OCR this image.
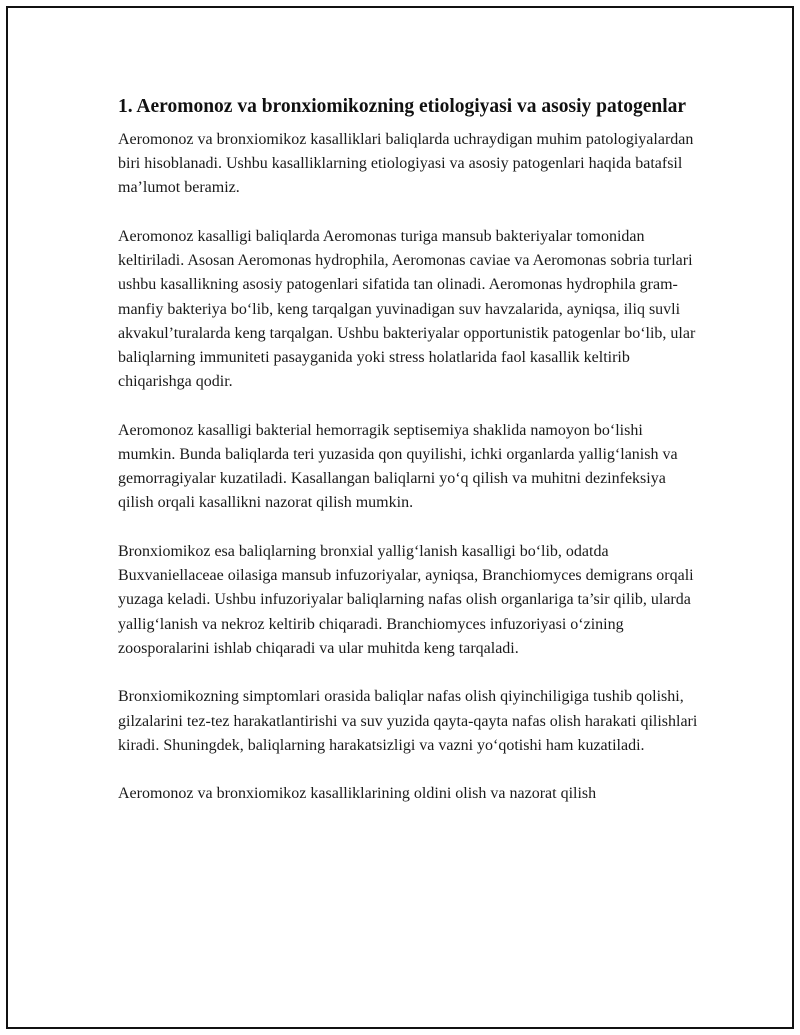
1. Aeromonoz va bronxiomikozning etiologiyasi va asosiy patogenlar

Aeromonoz va bronxiomikoz kasalliklari baliqlarda uchraydigan muhim patologiyalardan biri hisoblanadi. Ushbu kasalliklarning etiologiyasi va asosiy patogenlari haqida batafsil ma’lumot beramiz.

Aeromonoz kasalligi baliqlarda Aeromonas turiga mansub bakteriyalar tomonidan keltiriladi. Asosan Aeromonas hydrophila, Aeromonas caviae va Aeromonas sobria turlari ushbu kasallikning asosiy patogenlari sifatida tan olinadi. Aeromonas hydrophila gram-manfiy bakteriya bo‘lib, keng tarqalgan yuvinadigan suv havzalarida, ayniqsa, iliq suvli akvakul’turalarda keng tarqalgan. Ushbu bakteriyalar opportunistik patogenlar bo‘lib, ular baliqlarning immuniteti pasayganida yoki stress holatlarida faol kasallik keltirib chiqarishga qodir.

Aeromonoz kasalligi bakterial hemorragik septisemiya shaklida namoyon bo‘lishi mumkin. Bunda baliqlarda teri yuzasida qon quyilishi, ichki organlarda yallig‘lanish va gemorragiyalar kuzatiladi. Kasallangan baliqlarni yo‘q qilish va muhitni dezinfeksiya qilish orqali kasallikni nazorat qilish mumkin.

Bronxiomikoz esa baliqlarning bronxial yallig‘lanish kasalligi bo‘lib, odatda Buxvaniellaceae oilasiga mansub infuzoriyalar, ayniqsa, Branchiomyces demigrans orqali yuzaga keladi. Ushbu infuzoriyalar baliqlarning nafas olish organlariga ta’sir qilib, ularda yallig‘lanish va nekroz keltirib chiqaradi. Branchiomyces infuzoriyasi o‘zining zoosporalarini ishlab chiqaradi va ular muhitda keng tarqaladi.

Bronxiomikozning simptomlari orasida baliqlar nafas olish qiyinchiligiga tushib qolishi, gilzalarini tez-tez harakatlantirishi va suv yuzida qayta-qayta nafas olish harakati qilishlari kiradi. Shuningdek, baliqlarning harakatsizligi va vazni yo‘qotishi ham kuzatiladi.

Aeromonoz va bronxiomikoz kasalliklarining oldini olish va nazorat qilish
